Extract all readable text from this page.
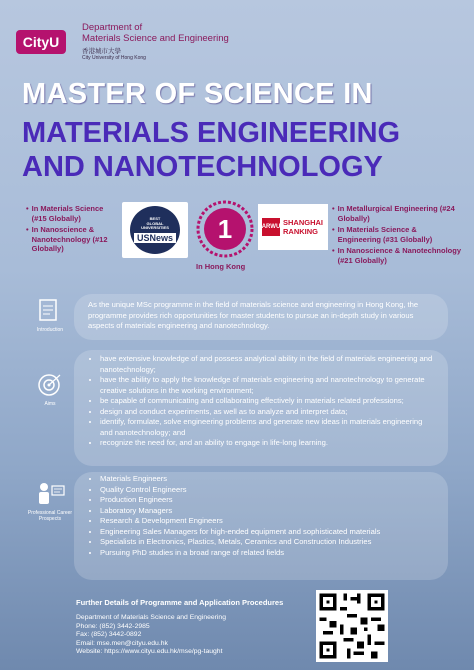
CityU
Department of
Materials Science and Engineering
香港城市大學
City University of Hong Kong
MASTER OF SCIENCE IN
MATERIALS ENGINEERING
AND NANOTECHNOLOGY
• In Materials Science (#15 Globally)
• In Nanoscience & Nanotechnology (#12 Globally)
BEST
GLOBAL
UNIVERSITIES
USNews 1
In Hong Kong
ARWU SHANGHAI
RANKING
• In Metallurgical Engineering (#24 Globally)
• In Materials Science & Engineering (#31 Globally)
• In Nanoscience & Nanotechnology (#21 Globally)
Introduction
As the unique MSc programme in the field of materials science and engineering in Hong Kong, the programme provides rich opportunities for master students to pursue an in-depth study in various aspects of materials engineering and nanotechnology.
Aims
• have extensive knowledge of and possess analytical ability in the field of materials engineering and nanotechnology;
• have the ability to apply the knowledge of materials engineering and nanotechnology to generate creative solutions in the working environment;
• be capable of communicating and collaborating effectively in materials related professions;
• design and conduct experiments, as well as to analyze and interpret data;
• identify, formulate, solve engineering problems and generate new ideas in materials engineering and nanotechnology; and
• recognize the need for, and an ability to engage in life-long learning.
Professional Career Prospects
• Materials Engineers
• Quality Control Engineers
• Production Engineers
• Laboratory Managers
• Research & Development Engineers
• Engineering Sales Managers for high-ended equipment and sophisticated materials
• Specialists in Electronics, Plastics, Metals, Ceramics and Construction Industries
• Pursuing PhD studies in a broad range of related fields
Further Details of Programme and Application Procedures
Department of Materials Science and Engineering
Phone: (852) 3442-2985
Fax: (852) 3442-0892
Email: mse.men@cityu.edu.hk
Website: https://www.cityu.edu.hk/mse/pg-taught
